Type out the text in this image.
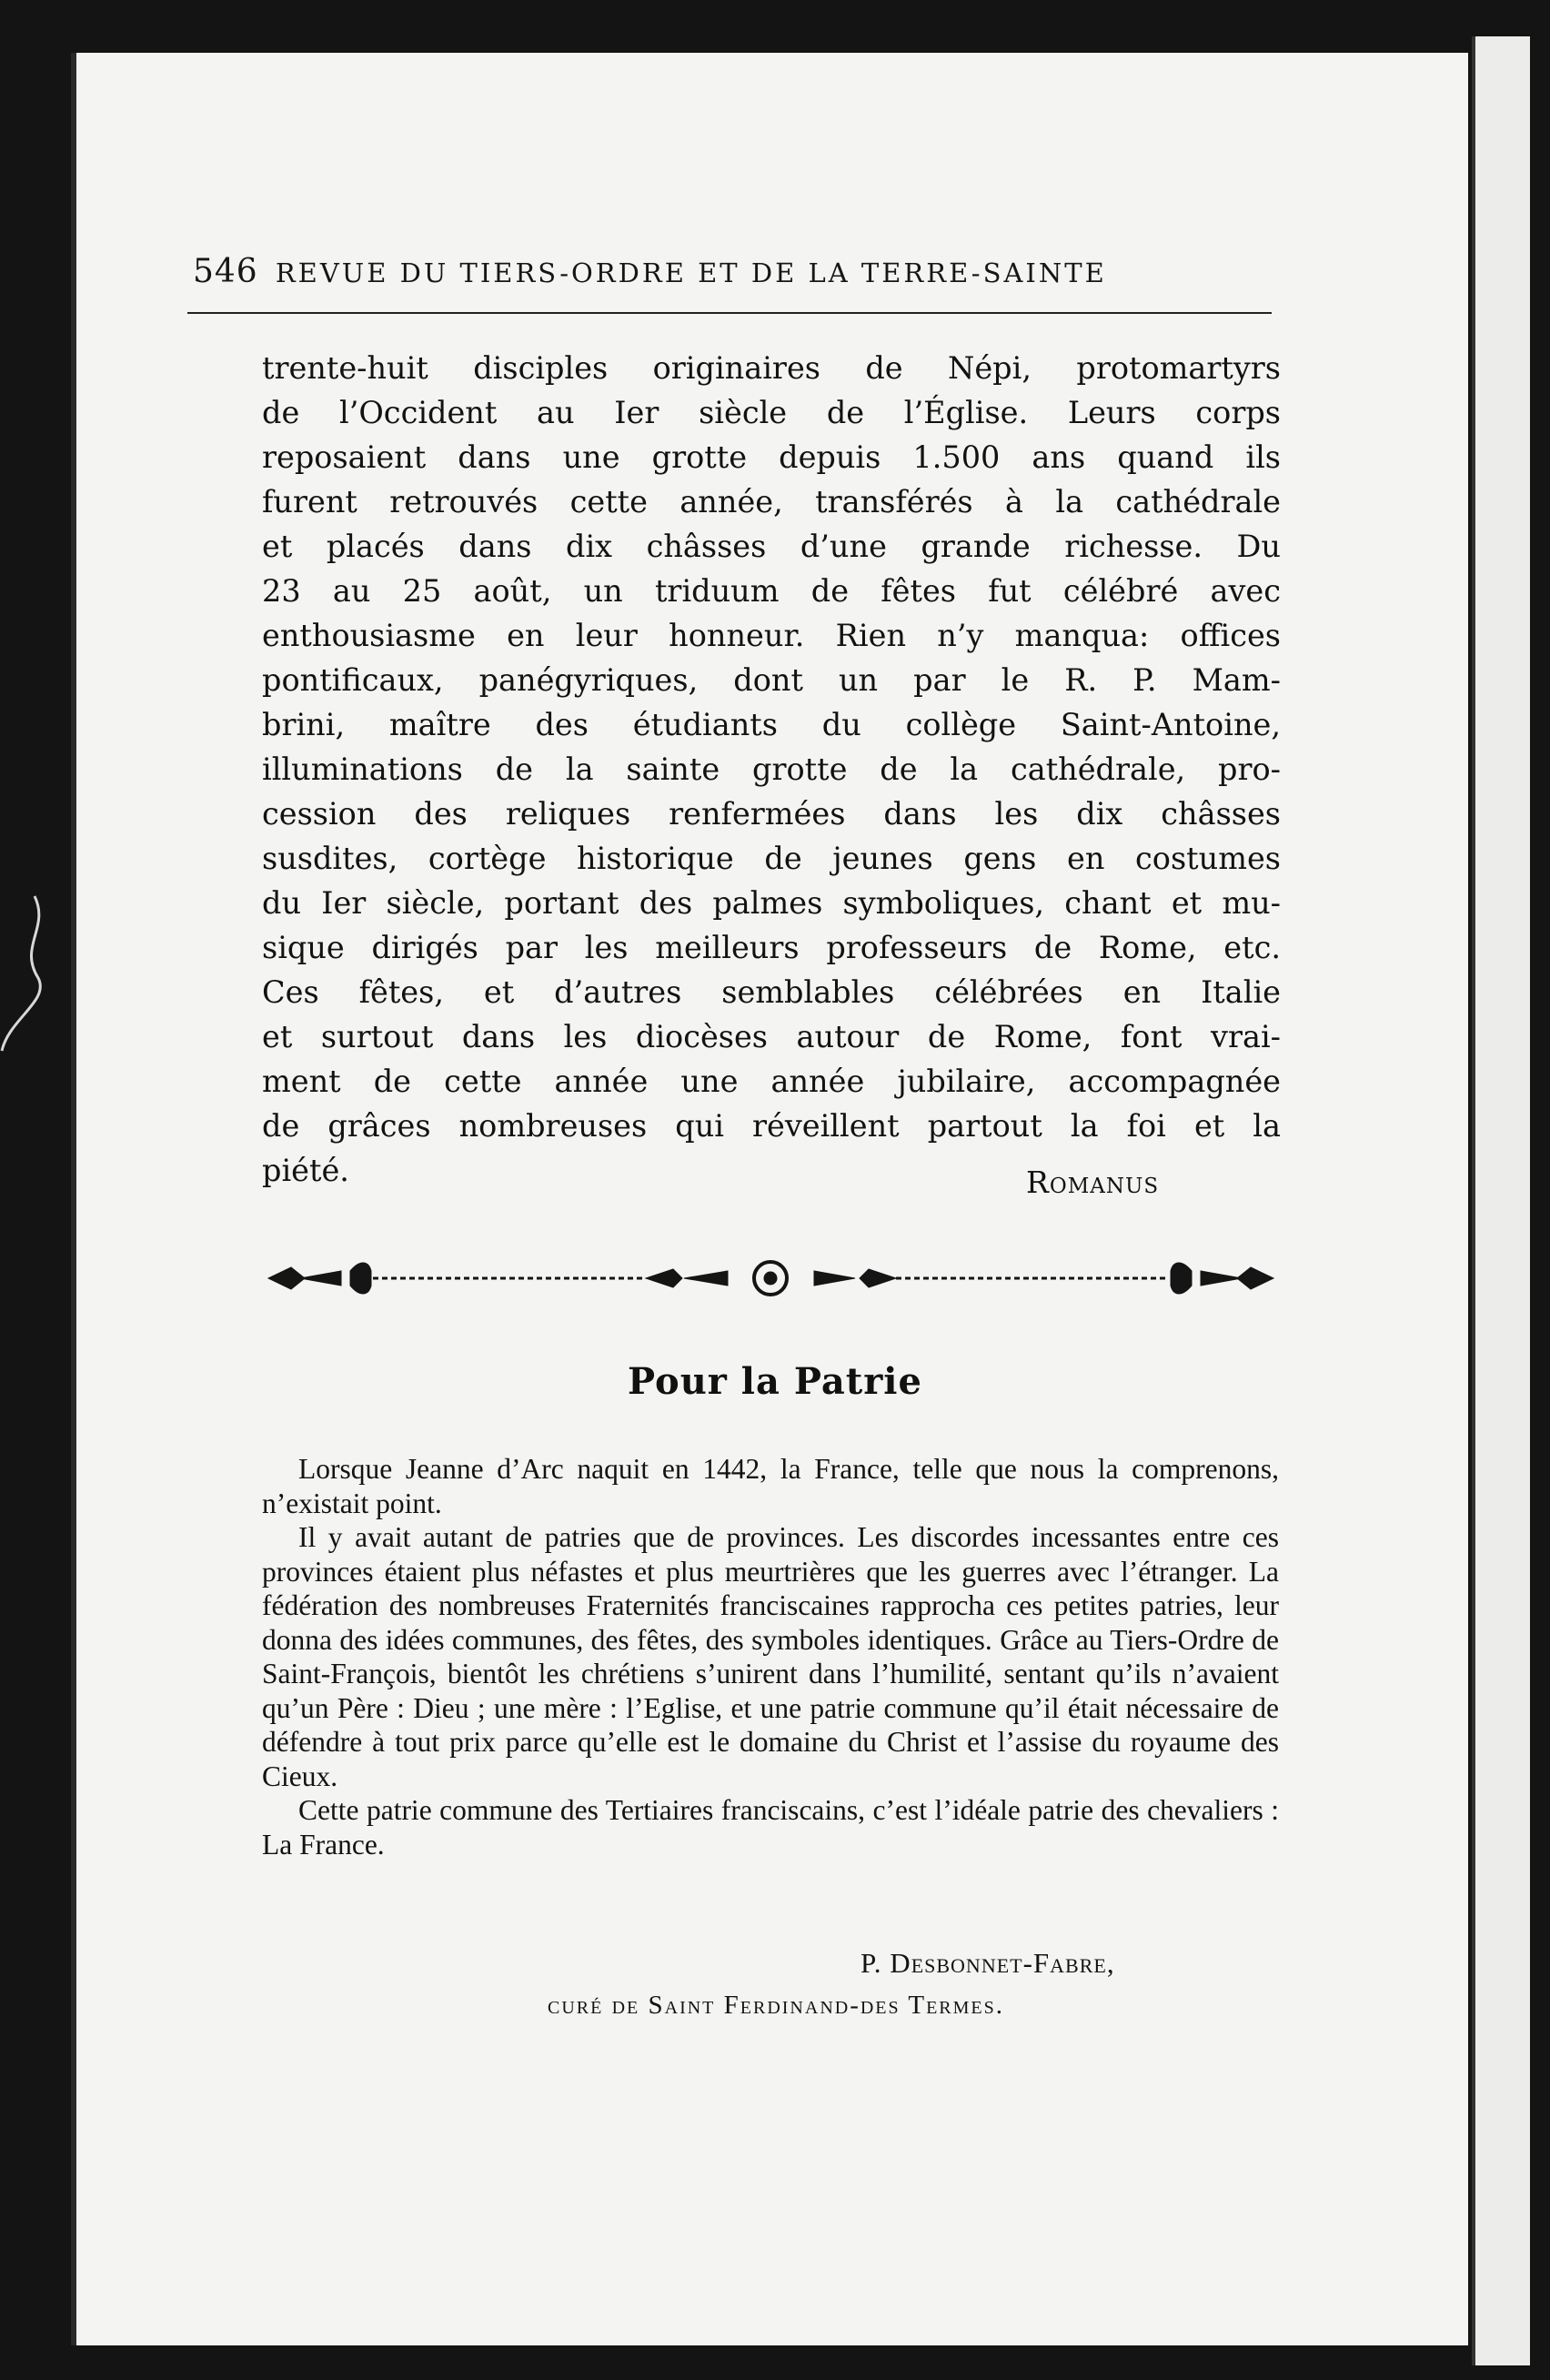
546 REVUE DU TIERS-ORDRE ET DE LA TERRE-SAINTE
trente-huit disciples originaires de Népi, protomartyrs
de l’Occident au Ier siècle de l’Église. Leurs corps
reposaient dans une grotte depuis 1.500 ans quand ils
furent retrouvés cette année, transférés à la cathédrale
et placés dans dix châsses d’une grande richesse. Du
23 au 25 août, un triduum de fêtes fut célébré avec
enthousiasme en leur honneur. Rien n’y manqua: offices
pontificaux, panégyriques, dont un par le R. P. Mam-
brini, maître des étudiants du collège Saint-Antoine,
illuminations de la sainte grotte de la cathédrale, pro-
cession des reliques renfermées dans les dix châsses
susdites, cortège historique de jeunes gens en costumes
du Ier siècle, portant des palmes symboliques, chant et mu-
sique dirigés par les meilleurs professeurs de Rome, etc.
Ces fêtes, et d’autres semblables célébrées en Italie
et surtout dans les diocèses autour de Rome, font vrai-
ment de cette année une année jubilaire, accompagnée
de grâces nombreuses qui réveillent partout la foi et la
piété.	Romanus
Pour la Patrie

Lorsque Jeanne d’Arc naquit en 1442, la France, telle que nous la comprenons, n’existait point.

Il y avait autant de patries que de provinces. Les discordes incessantes entre ces provinces étaient plus néfastes et plus meurtrières que les guerres avec l’étranger. La fédération des nombreuses Fraternités franciscaines rapprocha ces petites patries, leur donna des idées communes, des fêtes, des symboles identiques. Grâce au Tiers-Ordre de Saint-François, bientôt les chrétiens s’unirent dans l’humilité, sentant qu’ils n’avaient qu’un Père : Dieu ; une mère : l’Eglise, et une patrie commune qu’il était nécessaire de défendre à tout prix parce qu’elle est le domaine du Christ et l’assise du royaume des Cieux.

Cette patrie commune des Tertiaires franciscains, c’est l’idéale patrie des chevaliers : La France.

P. Desbonnet-Fabre,
curé de Saint Ferdinand-des Termes.
